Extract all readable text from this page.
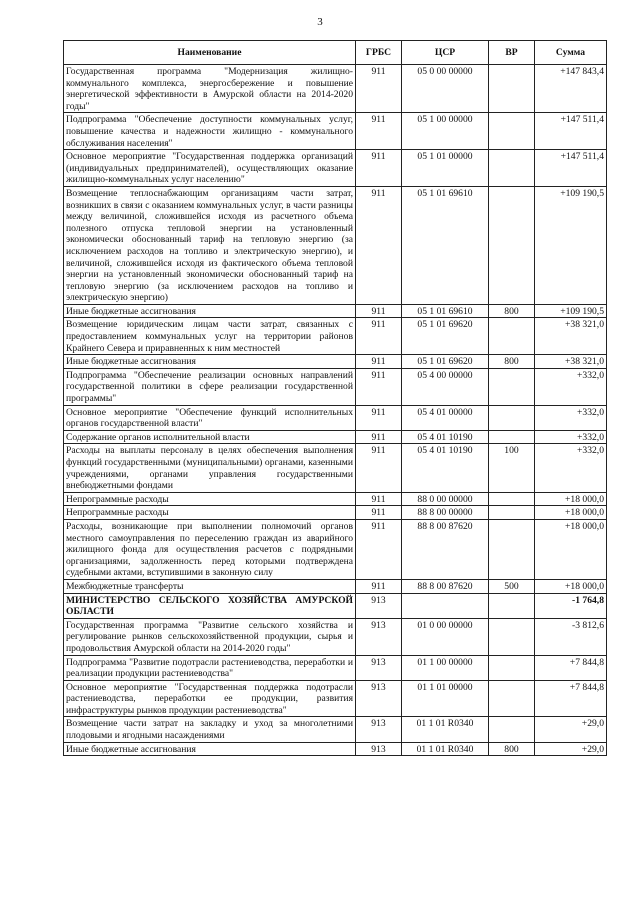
3
Наименование	ГРБС	ЦСР	ВР	Сумма
Государственная программа "Модернизация жилищно-коммунального комплекса, энергосбережение и повышение энергетической эффективности в Амурской области на 2014-2020 годы"	911	05 0 00 00000		+147 843,4
Подпрограмма "Обеспечение доступности коммунальных услуг, повышение качества и надежности жилищно - коммунального обслуживания населения"	911	05 1 00 00000		+147 511,4
Основное мероприятие "Государственная поддержка организаций (индивидуальных предпринимателей), осуществляющих оказание жилищно-коммунальных услуг населению"	911	05 1 01 00000		+147 511,4
Возмещение теплоснабжающим организациям части затрат, возникших в связи с оказанием коммунальных услуг, в части разницы между величиной, сложившейся исходя из расчетного объема полезного отпуска тепловой энергии на установленный экономически обоснованный тариф на тепловую энергию (за исключением расходов на топливо и электрическую энергию), и величиной, сложившейся исходя из фактического объема тепловой энергии на установленный экономически обоснованный тариф на тепловую энергию (за исключением расходов на топливо и электрическую энергию)	911	05 1 01 69610		+109 190,5
Иные бюджетные ассигнования	911	05 1 01 69610	800	+109 190,5
Возмещение юридическим лицам части затрат, связанных с предоставлением коммунальных услуг на территории районов Крайнего Севера и приравненных к ним местностей	911	05 1 01 69620		+38 321,0
Иные бюджетные ассигнования	911	05 1 01 69620	800	+38 321,0
Подпрограмма "Обеспечение реализации основных направлений государственной политики в сфере реализации государственной программы"	911	05 4 00 00000		+332,0
Основное мероприятие "Обеспечение функций исполнительных органов государственной власти"	911	05 4 01 00000		+332,0
Содержание органов исполнительной власти	911	05 4 01 10190		+332,0
Расходы на выплаты персоналу в целях обеспечения выполнения функций государственными (муниципальными) органами, казенными учреждениями, органами управления государственными внебюджетными фондами	911	05 4 01 10190	100	+332,0
Непрограммные расходы	911	88 0 00 00000		+18 000,0
Непрограммные расходы	911	88 8 00 00000		+18 000,0
Расходы, возникающие при выполнении полномочий органов местного самоуправления по переселению граждан из аварийного жилищного фонда для осуществления расчетов с подрядными организациями, задолженность перед которыми подтверждена судебными актами, вступившими в законную силу	911	88 8 00 87620		+18 000,0
Межбюджетные трансферты	911	88 8 00 87620	500	+18 000,0
МИНИСТЕРСТВО СЕЛЬСКОГО ХОЗЯЙСТВА АМУРСКОЙ ОБЛАСТИ	913			-1 764,8
Государственная программа "Развитие сельского хозяйства и регулирование рынков сельскохозяйственной продукции, сырья и продовольствия Амурской области на 2014-2020 годы"	913	01 0 00 00000		-3 812,6
Подпрограмма "Развитие подотрасли растениеводства, переработки и реализации продукции растениеводства"	913	01 1 00 00000		+7 844,8
Основное мероприятие "Государственная поддержка подотрасли растениеводства, переработки ее продукции, развития инфраструктуры рынков продукции растениеводства"	913	01 1 01 00000		+7 844,8
Возмещение части затрат на закладку и уход за многолетними плодовыми и ягодными насаждениями	913	01 1 01 R0340		+29,0
Иные бюджетные ассигнования	913	01 1 01 R0340	800	+29,0
